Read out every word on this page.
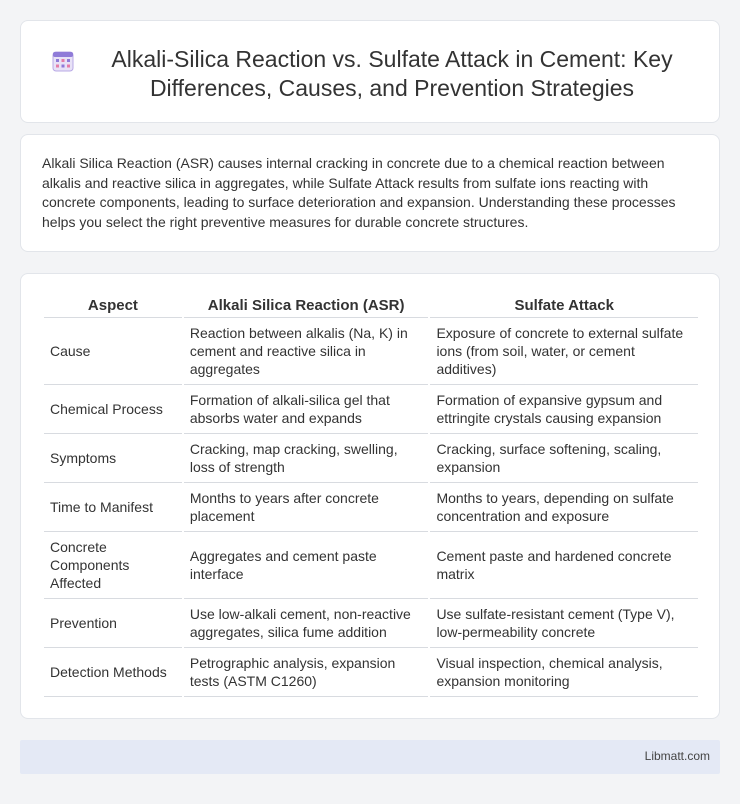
Alkali-Silica Reaction vs. Sulfate Attack in Cement: Key Differences, Causes, and Prevention Strategies

Alkali Silica Reaction (ASR) causes internal cracking in concrete due to a chemical reaction between alkalis and reactive silica in aggregates, while Sulfate Attack results from sulfate ions reacting with concrete components, leading to surface deterioration and expansion. Understanding these processes helps you select the right preventive measures for durable concrete structures.

Aspect	Alkali Silica Reaction (ASR)	Sulfate Attack
Cause	Reaction between alkalis (Na, K) in cement and reactive silica in aggregates	Exposure of concrete to external sulfate ions (from soil, water, or cement additives)
Chemical Process	Formation of alkali-silica gel that absorbs water and expands	Formation of expansive gypsum and ettringite crystals causing expansion
Symptoms	Cracking, map cracking, swelling, loss of strength	Cracking, surface softening, scaling, expansion
Time to Manifest	Months to years after concrete placement	Months to years, depending on sulfate concentration and exposure
Concrete Components Affected	Aggregates and cement paste interface	Cement paste and hardened concrete matrix
Prevention	Use low-alkali cement, non-reactive aggregates, silica fume addition	Use sulfate-resistant cement (Type V), low-permeability concrete
Detection Methods	Petrographic analysis, expansion tests (ASTM C1260)	Visual inspection, chemical analysis, expansion monitoring
Libmatt.com
